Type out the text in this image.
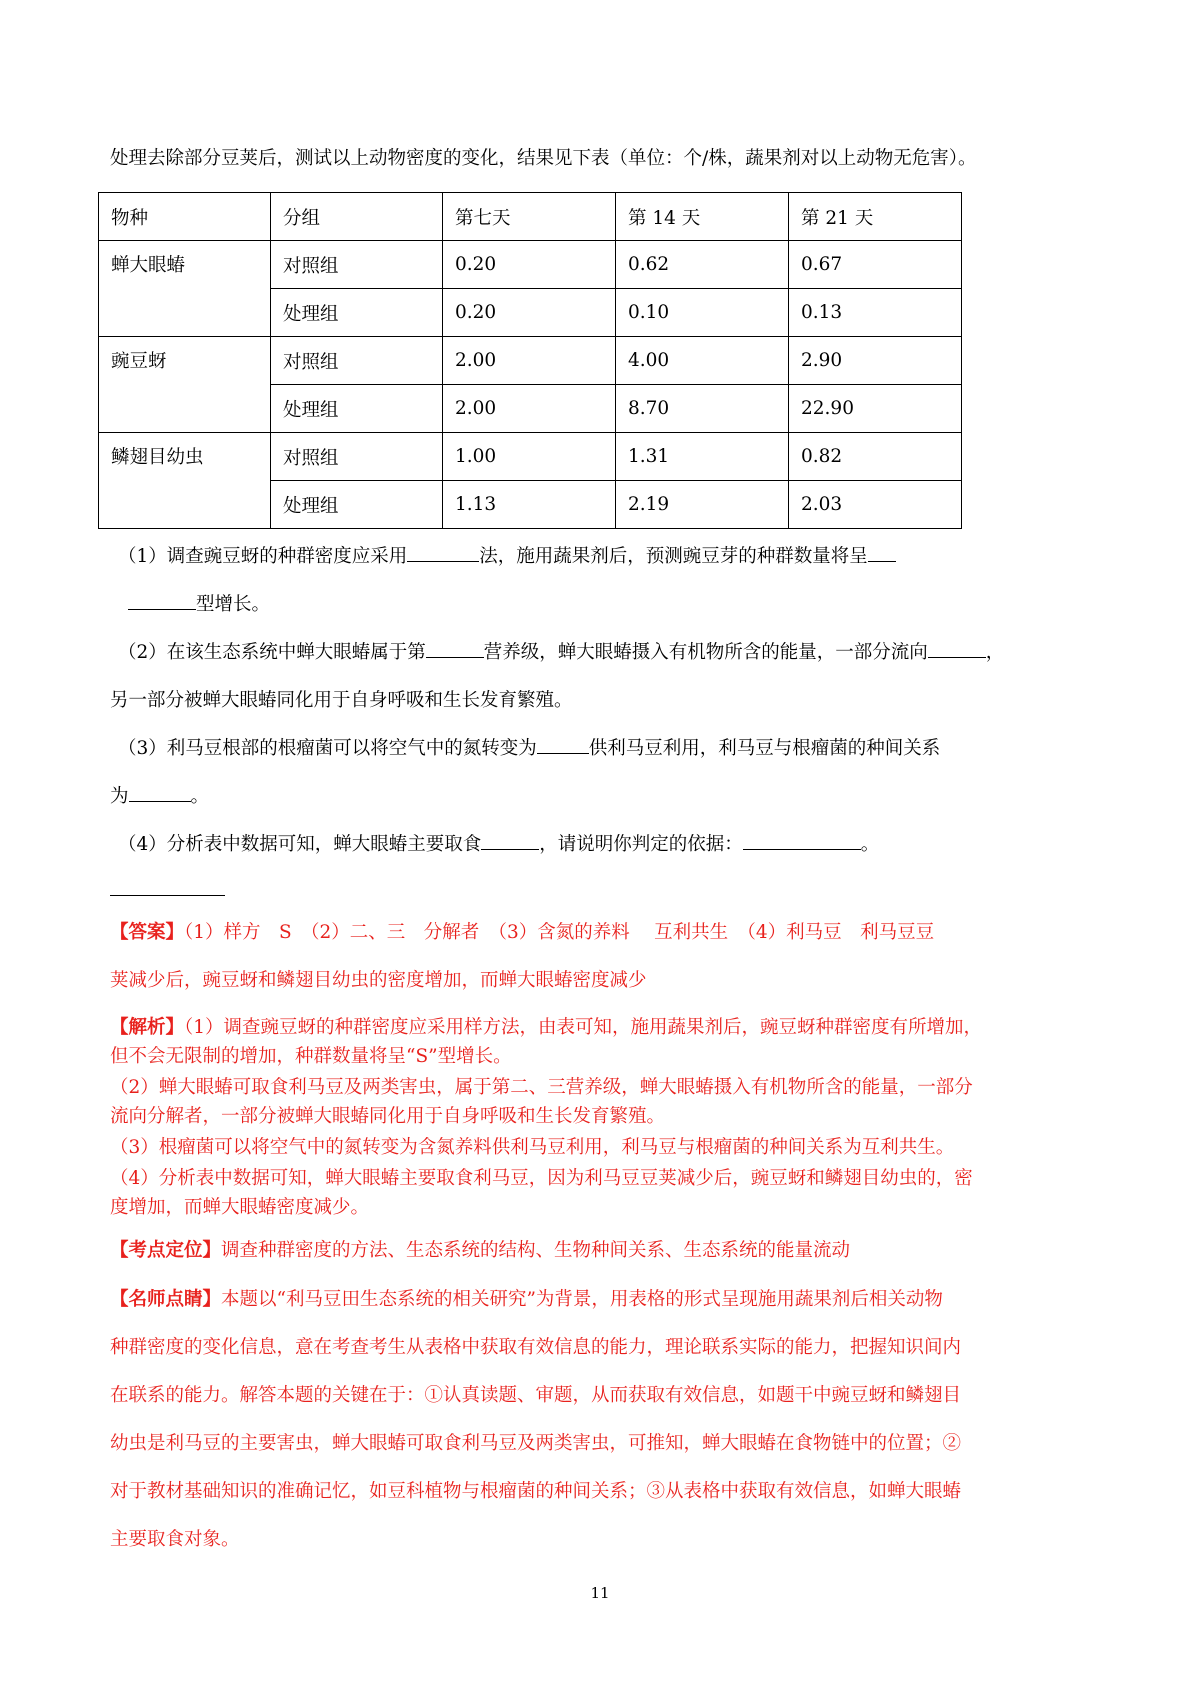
处理去除部分豆荚后，测试以上动物密度的变化，结果见下表（单位：个/株，蔬果剂对以上动物无危害）。
物种	分组	第七天	第 14 天	第 21 天
蝉大眼蝽	对照组	0.20	0.62	0.67
	处理组	0.20	0.10	0.13
豌豆蚜	对照组	2.00	4.00	2.90
	处理组	2.00	8.70	22.90
鳞翅目幼虫	对照组	1.00	1.31	0.82
	处理组	1.13	2.19	2.03
（1）调查豌豆蚜的种群密度应采用	法，施用蔬果剂后，预测豌豆芽的种群数量将呈
型增长。
（2）在该生态系统中蝉大眼蝽属于第	营养级，蝉大眼蝽摄入有机物所含的能量，一部分流向	，
另一部分被蝉大眼蝽同化用于自身呼吸和生长发育繁殖。
（3）利马豆根部的根瘤菌可以将空气中的氮转变为	供利马豆利用，利马豆与根瘤菌的种间关系
为	。
（4）分析表中数据可知，蝉大眼蝽主要取食	，请说明你判定的依据：	。
【答案】（1）样方　S　（2）二、三　分解者　（3）含氮的养料　 互利共生　（4）利马豆　利马豆豆
荚减少后，豌豆蚜和鳞翅目幼虫的密度增加，而蝉大眼蝽密度减少
【解析】（1）调查豌豆蚜的种群密度应采用样方法，由表可知，施用蔬果剂后，豌豆蚜种群密度有所增加，
但不会无限制的增加，种群数量将呈“S”型增长。
（2）蝉大眼蝽可取食利马豆及两类害虫，属于第二、三营养级，蝉大眼蝽摄入有机物所含的能量，一部分
流向分解者，一部分被蝉大眼蝽同化用于自身呼吸和生长发育繁殖。
（3）根瘤菌可以将空气中的氮转变为含氮养料供利马豆利用，利马豆与根瘤菌的种间关系为互利共生。
（4）分析表中数据可知，蝉大眼蝽主要取食利马豆，因为利马豆豆荚减少后，豌豆蚜和鳞翅目幼虫的，密
度增加，而蝉大眼蝽密度减少。
【考点定位】调查种群密度的方法、生态系统的结构、生物种间关系、生态系统的能量流动
【名师点睛】本题以“利马豆田生态系统的相关研究”为背景，用表格的形式呈现施用蔬果剂后相关动物
种群密度的变化信息，意在考查考生从表格中获取有效信息的能力，理论联系实际的能力，把握知识间内
在联系的能力。解答本题的关键在于：①认真读题、审题，从而获取有效信息，如题干中豌豆蚜和鳞翅目
幼虫是利马豆的主要害虫，蝉大眼蝽可取食利马豆及两类害虫，可推知，蝉大眼蝽在食物链中的位置；②
对于教材基础知识的准确记忆，如豆科植物与根瘤菌的种间关系；③从表格中获取有效信息，如蝉大眼蝽
主要取食对象。
11
